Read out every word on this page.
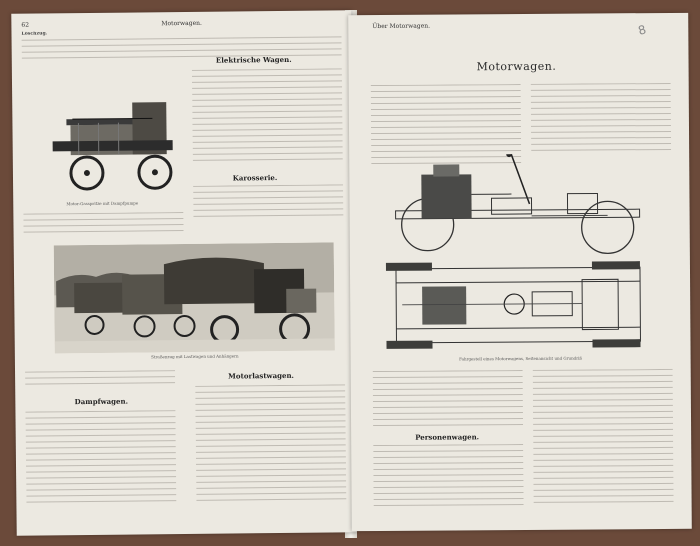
62	Motorwagen.
Löschzug.
Motor-Gasspritze mit Dampfpumpe
Elektrische Wagen.
Karosserie.
Straßenzug mit Lastwagen und Anhängern
Dampfwagen.
Motorlastwagen.
Über Motorwagen.	8
Motorwagen.
Fahrgestell eines Motorwagens, Seitenansicht und Grundriß
Personenwagen.
